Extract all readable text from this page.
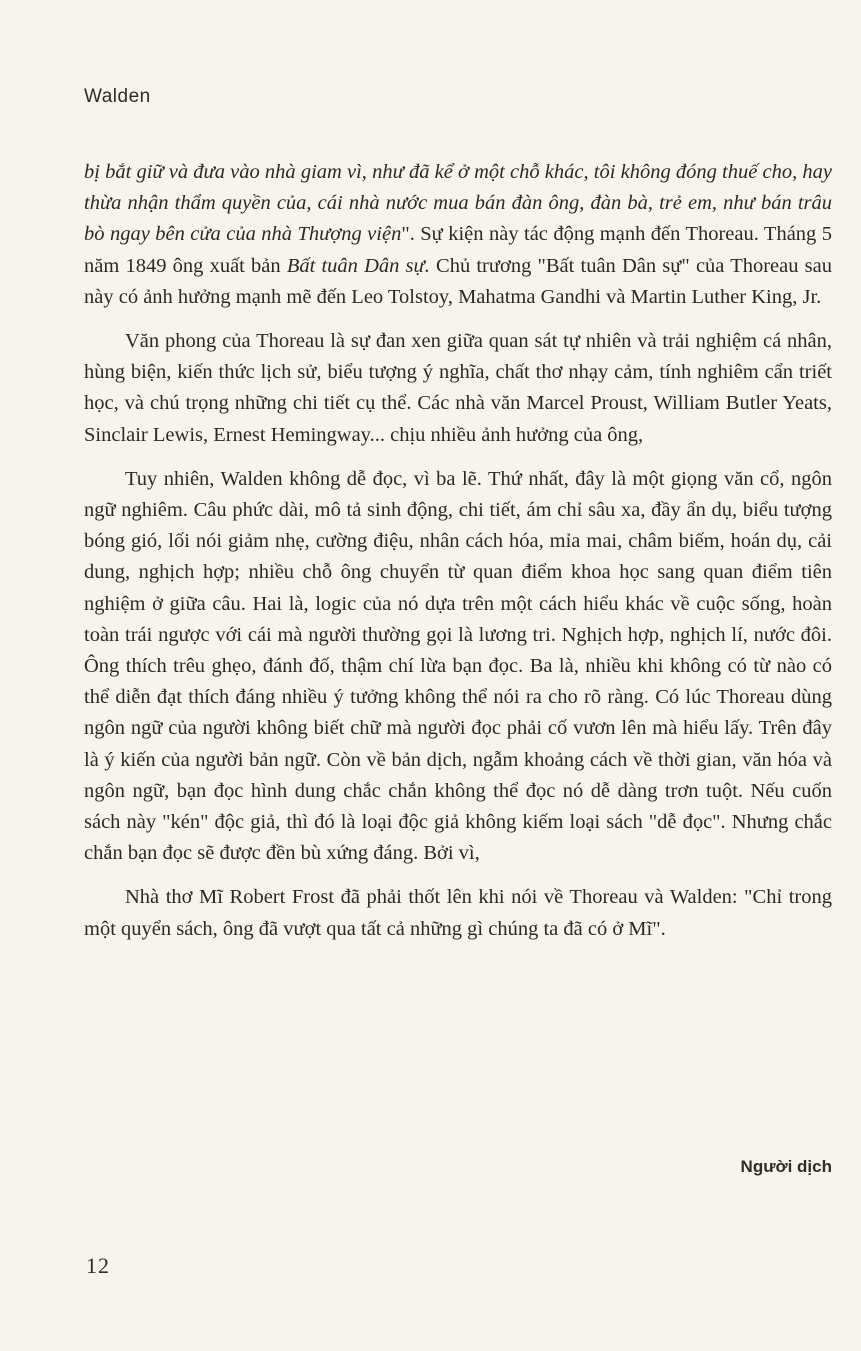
Walden

bị bắt giữ và đưa vào nhà giam vì, như đã kể ở một chỗ khác, tôi không đóng thuế cho, hay thừa nhận thẩm quyền của, cái nhà nước mua bán đàn ông, đàn bà, trẻ em, như bán trâu bò ngay bên cửa của nhà Thượng viện". Sự kiện này tác động mạnh đến Thoreau. Tháng 5 năm 1849 ông xuất bản Bất tuân Dân sự. Chủ trương "Bất tuân Dân sự" của Thoreau sau này có ảnh hưởng mạnh mẽ đến Leo Tolstoy, Mahatma Gandhi và Martin Luther King, Jr.

Văn phong của Thoreau là sự đan xen giữa quan sát tự nhiên và trải nghiệm cá nhân, hùng biện, kiến thức lịch sử, biểu tượng ý nghĩa, chất thơ nhạy cảm, tính nghiêm cẩn triết học, và chú trọng những chi tiết cụ thể. Các nhà văn Marcel Proust, William Butler Yeats, Sinclair Lewis, Ernest Hemingway... chịu nhiều ảnh hưởng của ông,

Tuy nhiên, Walden không dễ đọc, vì ba lẽ. Thứ nhất, đây là một giọng văn cổ, ngôn ngữ nghiêm. Câu phức dài, mô tả sinh động, chi tiết, ám chỉ sâu xa, đầy ẩn dụ, biểu tượng bóng gió, lối nói giảm nhẹ, cường điệu, nhân cách hóa, mỉa mai, châm biếm, hoán dụ, cải dung, nghịch hợp; nhiều chỗ ông chuyển từ quan điểm khoa học sang quan điểm tiên nghiệm ở giữa câu. Hai là, logic của nó dựa trên một cách hiểu khác về cuộc sống, hoàn toàn trái ngược với cái mà người thường gọi là lương tri. Nghịch hợp, nghịch lí, nước đôi. Ông thích trêu ghẹo, đánh đố, thậm chí lừa bạn đọc. Ba là, nhiều khi không có từ nào có thể diễn đạt thích đáng nhiều ý tưởng không thể nói ra cho rõ ràng. Có lúc Thoreau dùng ngôn ngữ của người không biết chữ mà người đọc phải cố vươn lên mà hiểu lấy. Trên đây là ý kiến của người bản ngữ. Còn về bản dịch, ngẫm khoảng cách về thời gian, văn hóa và ngôn ngữ, bạn đọc hình dung chắc chắn không thể đọc nó dễ dàng trơn tuột. Nếu cuốn sách này "kén" độc giả, thì đó là loại độc giả không kiếm loại sách "dễ đọc". Nhưng chắc chắn bạn đọc sẽ được đền bù xứng đáng. Bởi vì,

Nhà thơ Mĩ Robert Frost đã phải thốt lên khi nói về Thoreau và Walden: "Chỉ trong một quyển sách, ông đã vượt qua tất cả những gì chúng ta đã có ở Mĩ".

Người dịch
12
